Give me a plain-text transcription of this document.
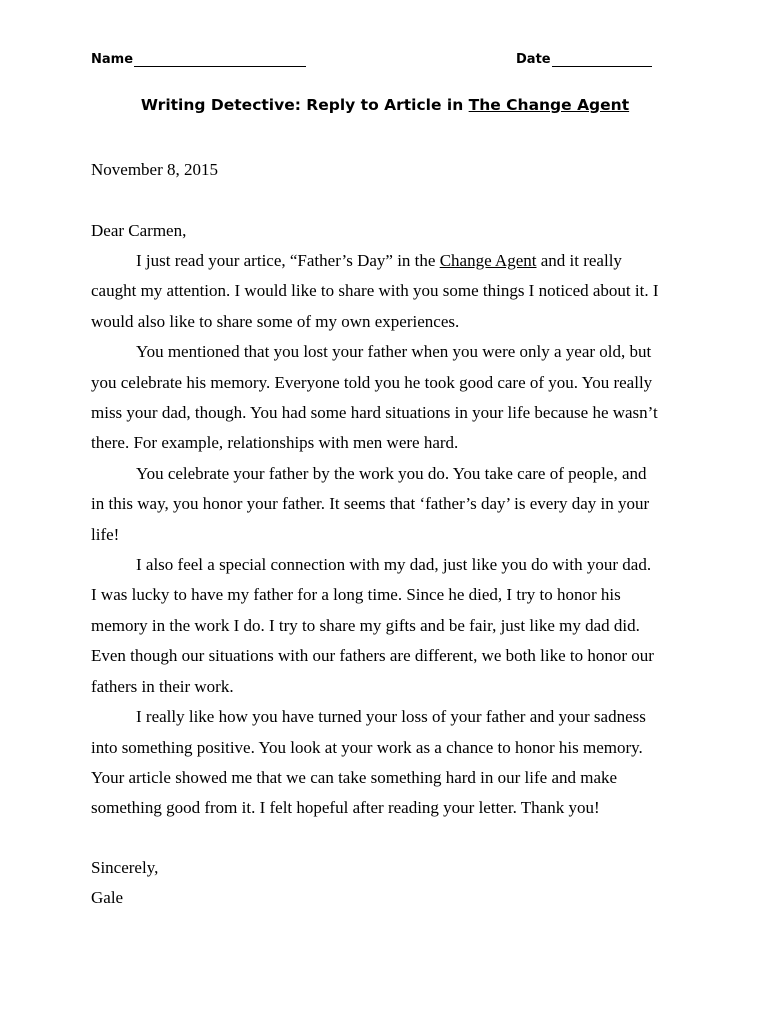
Name	Date
Writing Detective: Reply to Article in The Change Agent
November 8, 2015
Dear Carmen,

I just read your artice, “Father’s Day” in the Change Agent and it really
caught my attention. I would like to share with you some things I noticed about it. I
would also like to share some of my own experiences.

You mentioned that you lost your father when you were only a year old, but
you celebrate his memory. Everyone told you he took good care of you. You really
miss your dad, though. You had some hard situations in your life because he wasn’t
there. For example, relationships with men were hard.

You celebrate your father by the work you do. You take care of people, and
in this way, you honor your father. It seems that ‘father’s day’ is every day in your
life!

I also feel a special connection with my dad, just like you do with your dad.
I was lucky to have my father for a long time. Since he died, I try to honor his
memory in the work I do. I try to share my gifts and be fair, just like my dad did.
Even though our situations with our fathers are different, we both like to honor our
fathers in their work.

I really like how you have turned your loss of your father and your sadness
into something positive. You look at your work as a chance to honor his memory.
Your article showed me that we can take something hard in our life and make
something good from it. I felt hopeful after reading your letter. Thank you!

Sincerely,
Gale
